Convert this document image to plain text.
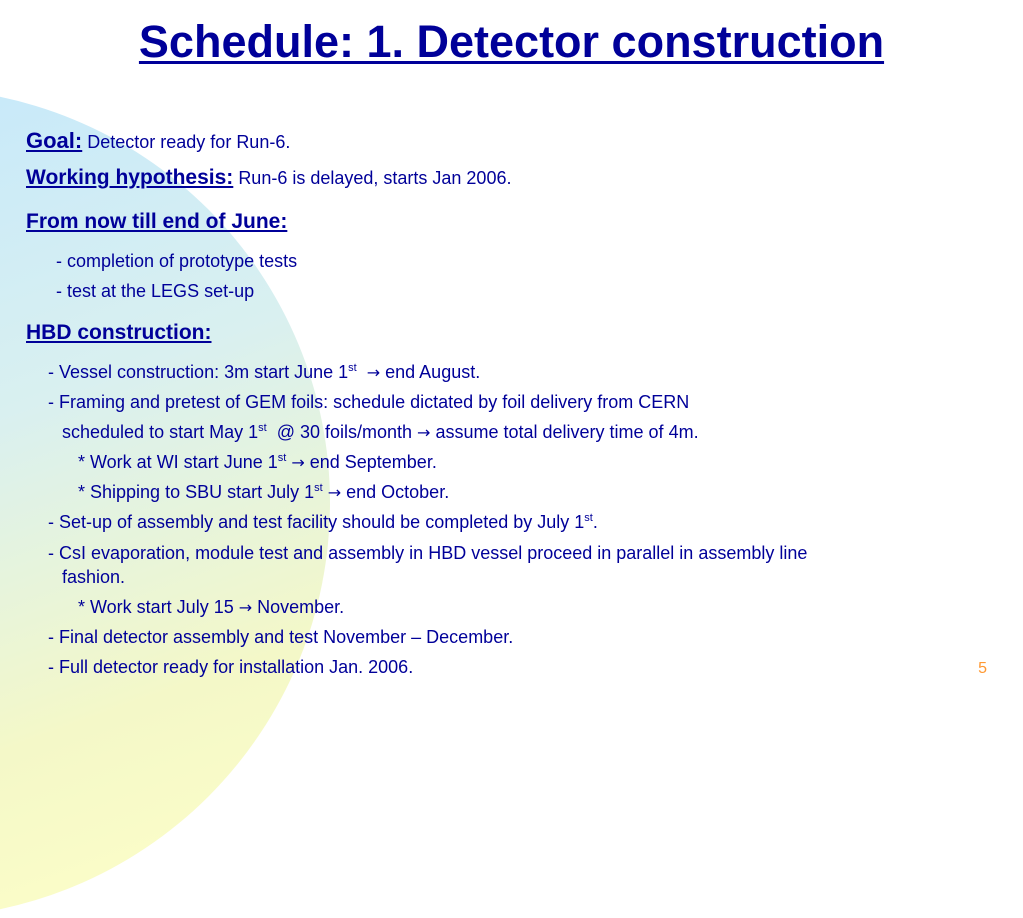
Schedule: 1. Detector construction
Goal: Detector ready for Run-6.
Working hypothesis: Run-6 is delayed, starts Jan 2006.
From now till end of June:
- completion of prototype tests
- test at the LEGS set-up
HBD construction:
- Vessel construction: 3m start June 1st → end August.
- Framing and pretest of GEM foils: schedule dictated by foil delivery from CERN
scheduled to start May 1st @ 30 foils/month → assume total delivery time of 4m.
* Work at WI start June 1st → end September.
* Shipping to SBU start July 1st → end October.
- Set-up of assembly and test facility should be completed by July 1st.
- CsI evaporation, module test and assembly in HBD vessel proceed in parallel in assembly line
fashion.
* Work start July 15 → November.
- Final detector assembly and test November – December.
- Full detector ready for installation Jan. 2006.	5
